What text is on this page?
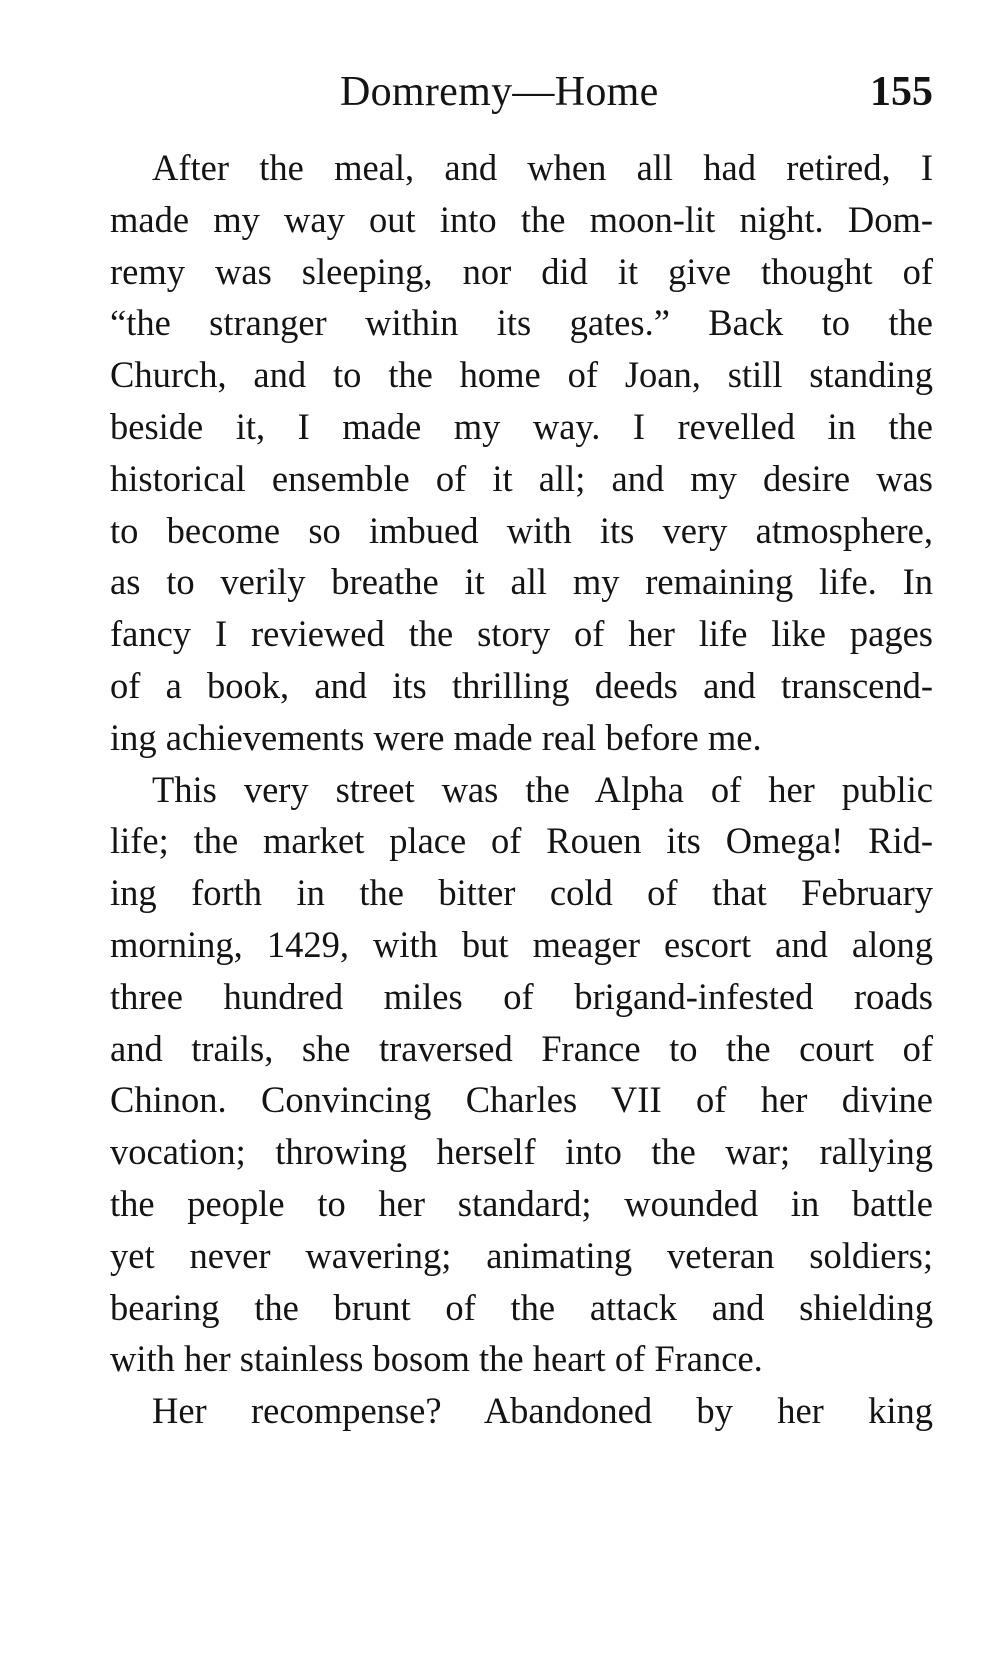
Domremy—Home	155
After the meal, and when all had retired, I
made my way out into the moon-lit night. Dom-
remy was sleeping, nor did it give thought of
“the stranger within its gates.” Back to the
Church, and to the home of Joan, still standing
beside it, I made my way. I revelled in the
historical ensemble of it all; and my desire was
to become so imbued with its very atmosphere,
as to verily breathe it all my remaining life. In
fancy I reviewed the story of her life like pages
of a book, and its thrilling deeds and transcend-
ing achievements were made real before me.
This very street was the Alpha of her public
life; the market place of Rouen its Omega! Rid-
ing forth in the bitter cold of that February
morning, 1429, with but meager escort and along
three hundred miles of brigand-infested roads
and trails, she traversed France to the court of
Chinon. Convincing Charles VII of her divine
vocation; throwing herself into the war; rallying
the people to her standard; wounded in battle
yet never wavering; animating veteran soldiers;
bearing the brunt of the attack and shielding
with her stainless bosom the heart of France.
Her recompense? Abandoned by her king
